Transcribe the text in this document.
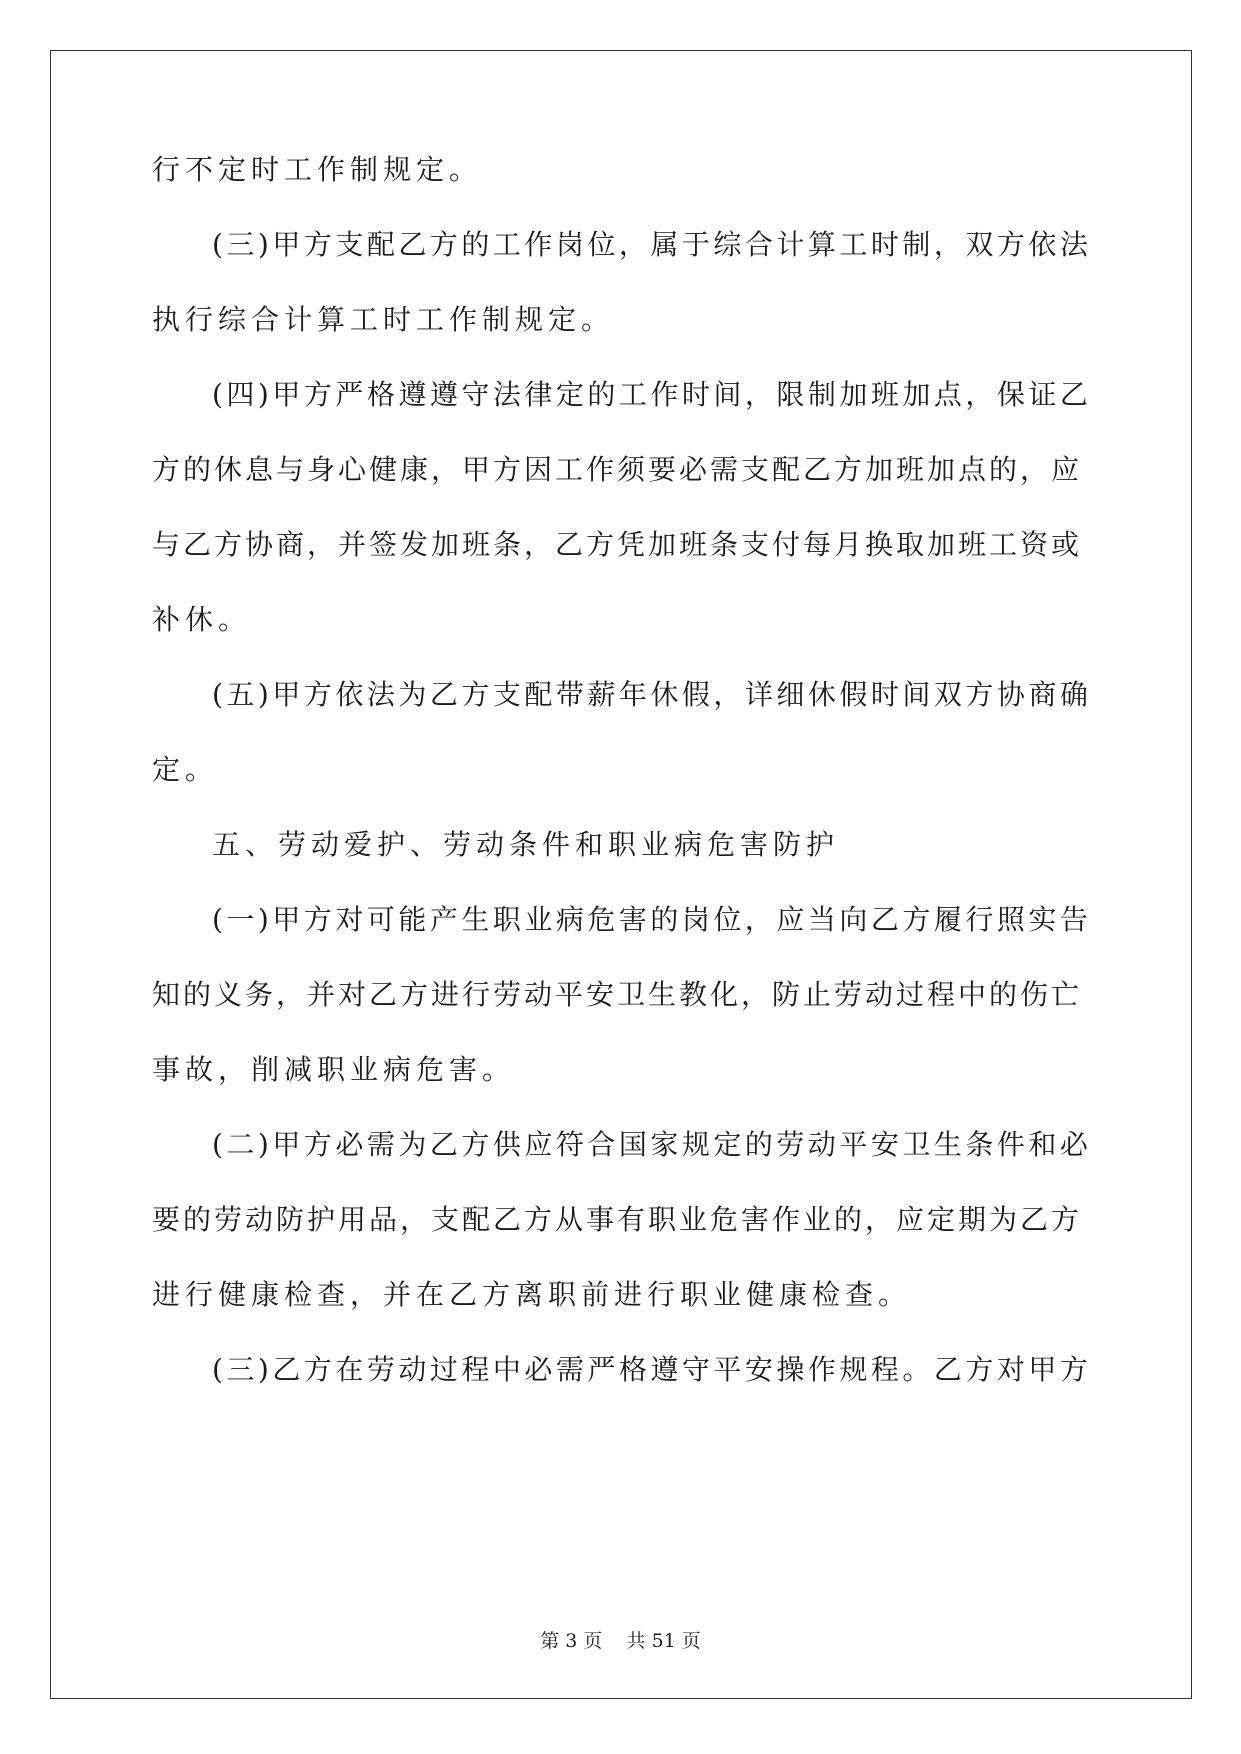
行不定时工作制规定。
(三)甲方支配乙方的工作岗位，属于综合计算工时制，双方依法
执行综合计算工时工作制规定。
(四)甲方严格遵遵守法律定的工作时间，限制加班加点，保证乙
方的休息与身心健康，甲方因工作须要必需支配乙方加班加点的，应
与乙方协商，并签发加班条，乙方凭加班条支付每月换取加班工资或
补休。
(五)甲方依法为乙方支配带薪年休假，详细休假时间双方协商确
定。
五、劳动爱护、劳动条件和职业病危害防护
(一)甲方对可能产生职业病危害的岗位，应当向乙方履行照实告
知的义务，并对乙方进行劳动平安卫生教化，防止劳动过程中的伤亡
事故，削减职业病危害。
(二)甲方必需为乙方供应符合国家规定的劳动平安卫生条件和必
要的劳动防护用品，支配乙方从事有职业危害作业的，应定期为乙方
进行健康检查，并在乙方离职前进行职业健康检查。
(三)乙方在劳动过程中必需严格遵守平安操作规程。乙方对甲方
第 3 页 共 51 页
